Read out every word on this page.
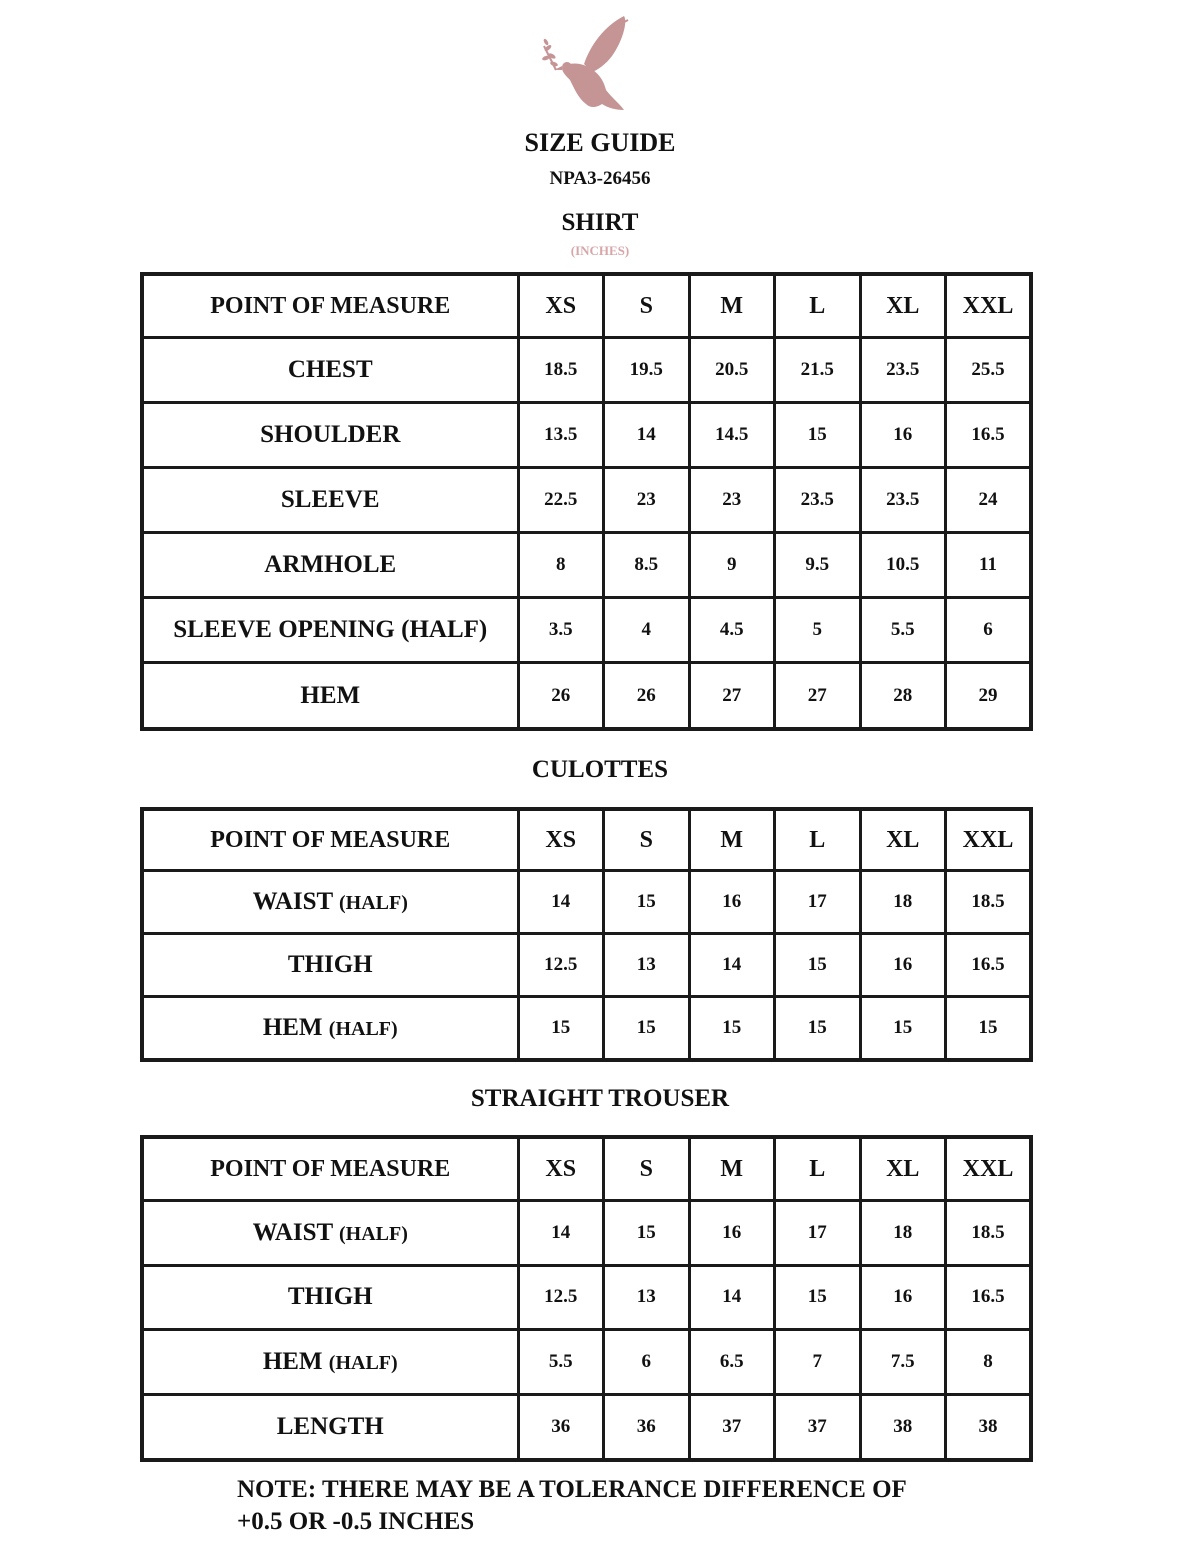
SIZE GUIDE
NPA3-26456
SHIRT
(INCHES)
POINT OF MEASURE	XS	S	M	L	XL	XXL
CHEST	18.5	19.5	20.5	21.5	23.5	25.5
SHOULDER	13.5	14	14.5	15	16	16.5
SLEEVE	22.5	23	23	23.5	23.5	24
ARMHOLE	8	8.5	9	9.5	10.5	11
SLEEVE OPENING (HALF)	3.5	4	4.5	5	5.5	6
HEM	26	26	27	27	28	29
CULOTTES
POINT OF MEASURE	XS	S	M	L	XL	XXL
WAIST (HALF)	14	15	16	17	18	18.5
THIGH	12.5	13	14	15	16	16.5
HEM (HALF)	15	15	15	15	15	15
STRAIGHT TROUSER
POINT OF MEASURE	XS	S	M	L	XL	XXL
WAIST (HALF)	14	15	16	17	18	18.5
THIGH	12.5	13	14	15	16	16.5
HEM (HALF)	5.5	6	6.5	7	7.5	8
LENGTH	36	36	37	37	38	38
NOTE: THERE MAY BE A TOLERANCE DIFFERENCE OF
+0.5 OR -0.5 INCHES
